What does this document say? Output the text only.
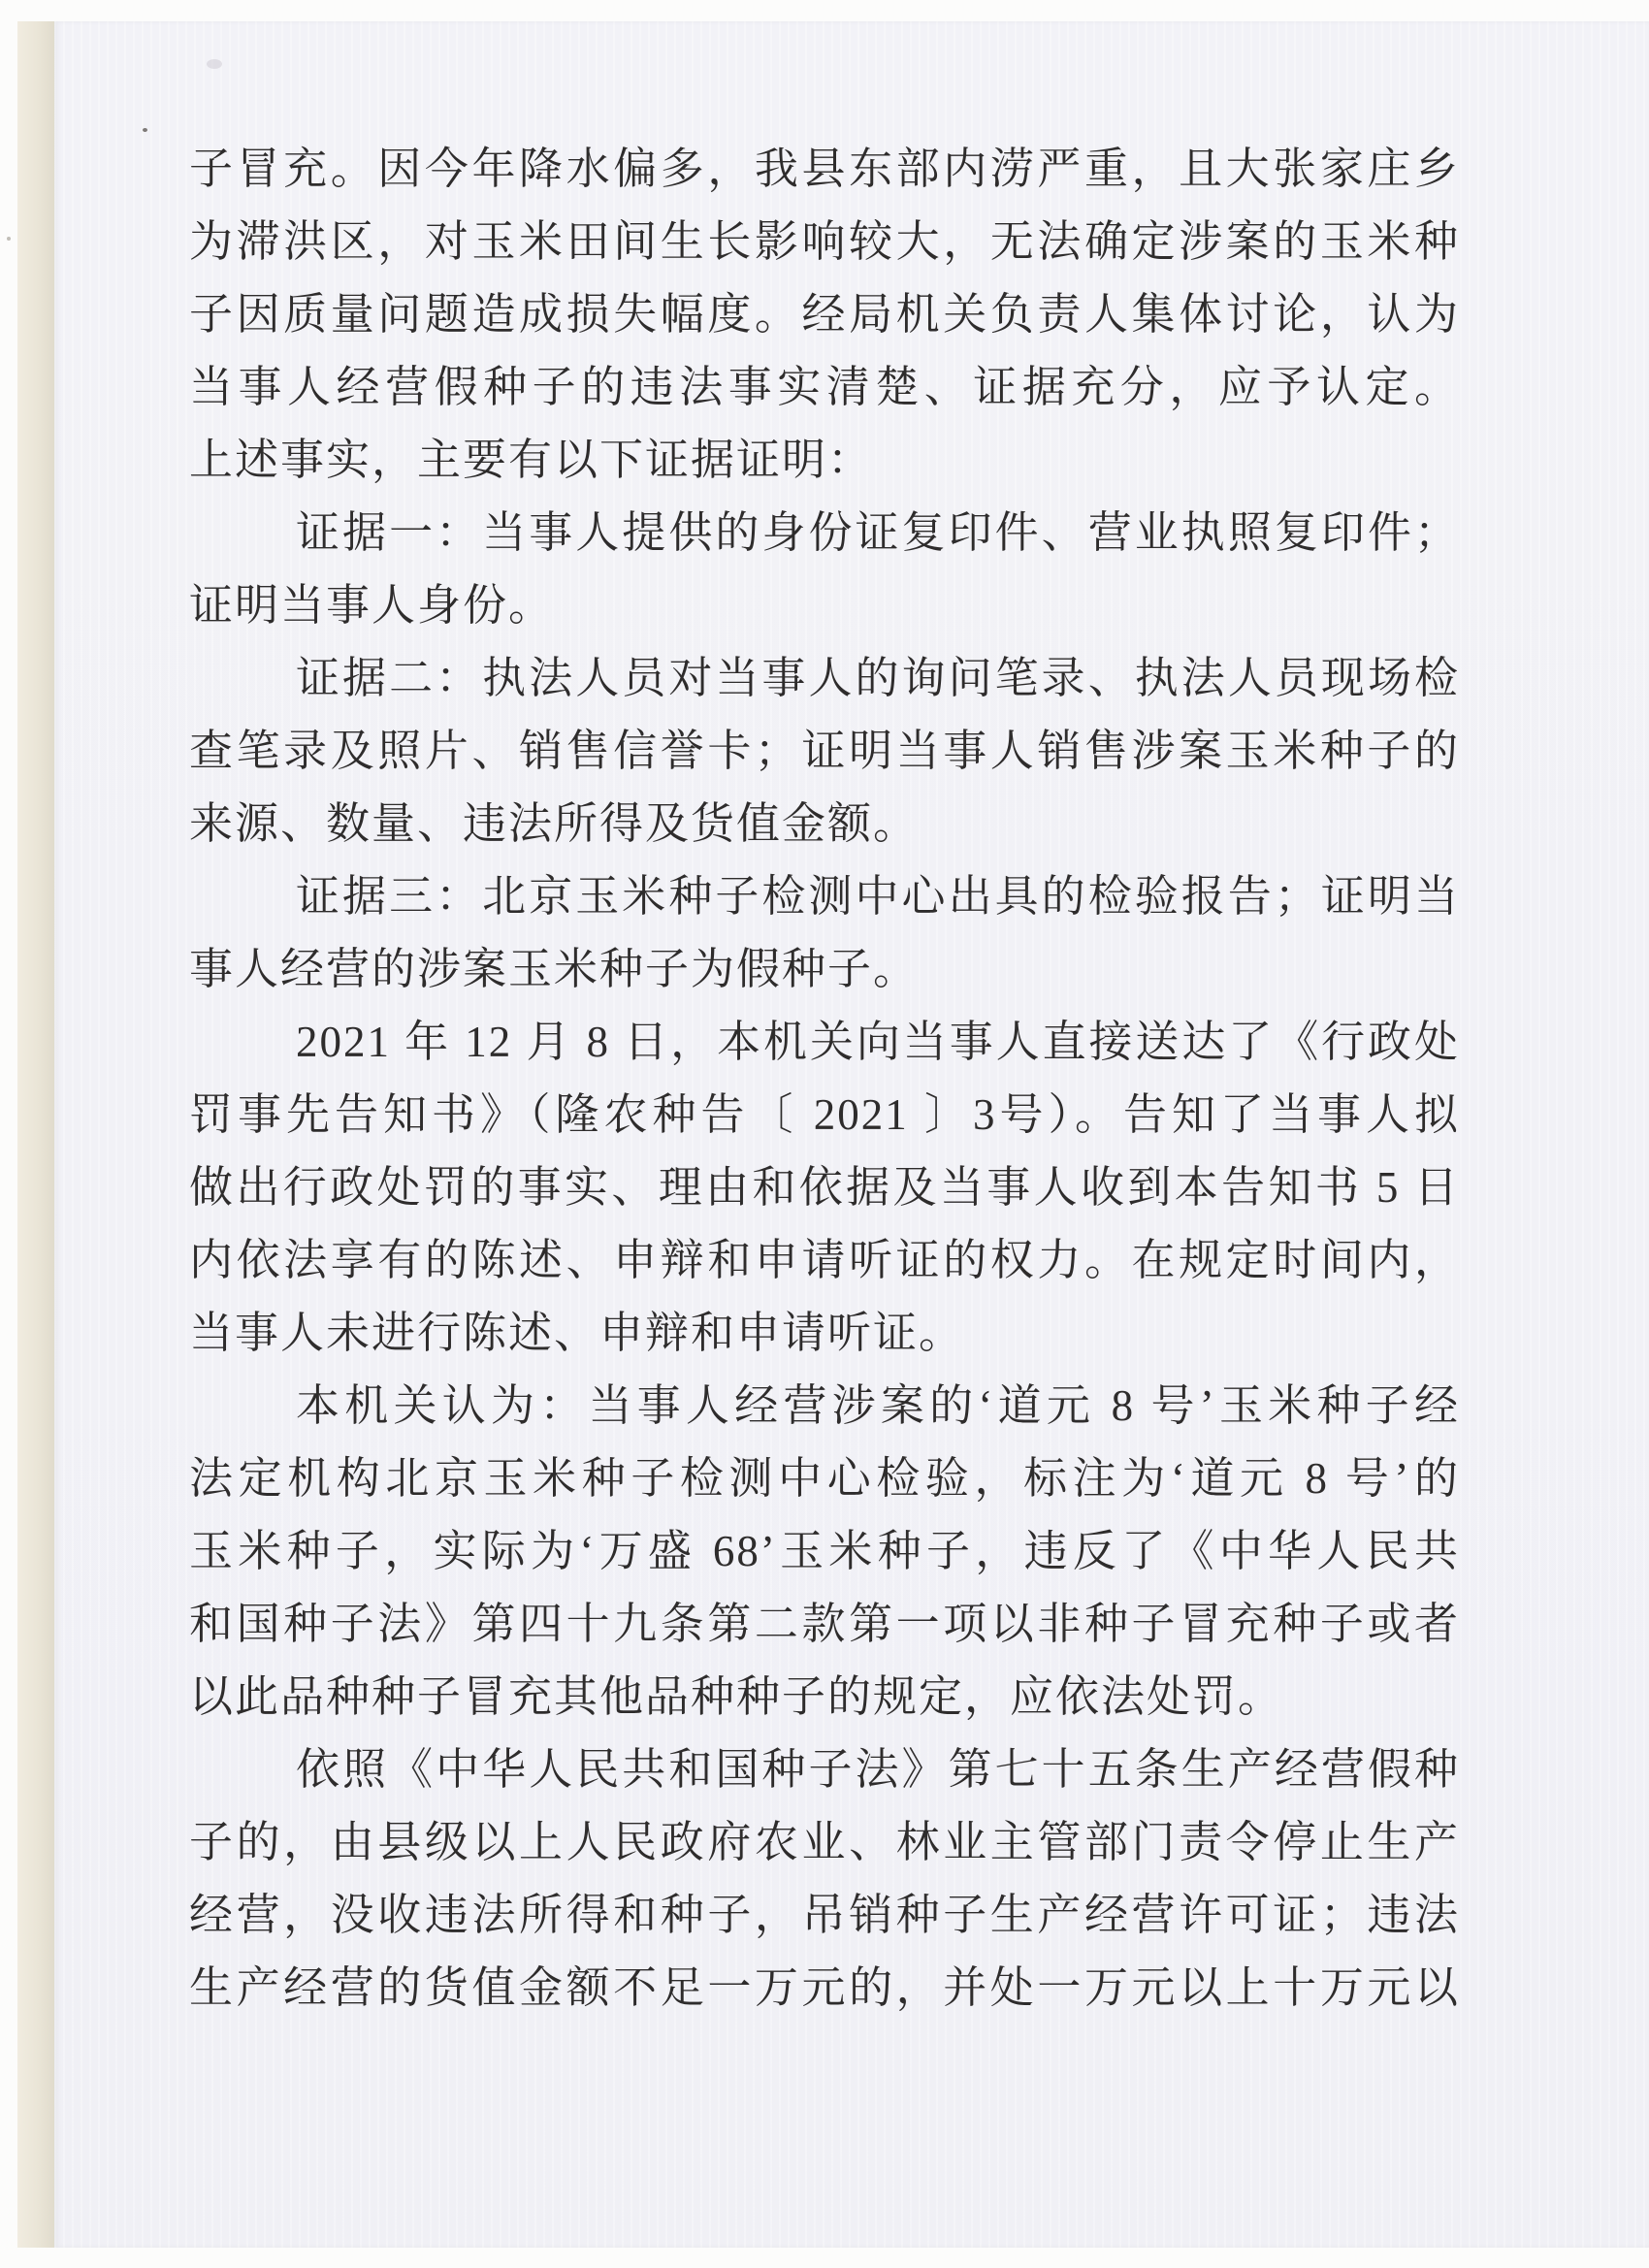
子冒充。因今年降水偏多，我县东部内涝严重，且大张家庄乡
为滞洪区，对玉米田间生长影响较大，无法确定涉案的玉米种
子因质量问题造成损失幅度。经局机关负责人集体讨论，认为
当事人经营假种子的违法事实清楚、证据充分，应予认定。
上述事实，主要有以下证据证明：
证据一：当事人提供的身份证复印件、营业执照复印件；
证明当事人身份。
证据二：执法人员对当事人的询问笔录、执法人员现场检
查笔录及照片、销售信誉卡；证明当事人销售涉案玉米种子的
来源、数量、违法所得及货值金额。
证据三：北京玉米种子检测中心出具的检验报告；证明当
事人经营的涉案玉米种子为假种子。
2021 年 12 月 8 日，本机关向当事人直接送达了《行政处
罚事先告知书》（隆农种告〔 2021 〕3号）。告知了当事人拟
做出行政处罚的事实、理由和依据及当事人收到本告知书 5 日
内依法享有的陈述、申辩和申请听证的权力。在规定时间内，
当事人未进行陈述、申辩和申请听证。
本机关认为：当事人经营涉案的‘道元 8 号’玉米种子经
法定机构北京玉米种子检测中心检验，标注为‘道元 8 号’的
玉米种子，实际为‘万盛 68’玉米种子，违反了《中华人民共
和国种子法》第四十九条第二款第一项以非种子冒充种子或者
以此品种种子冒充其他品种种子的规定，应依法处罚。
依照《中华人民共和国种子法》第七十五条生产经营假种
子的，由县级以上人民政府农业、林业主管部门责令停止生产
经营，没收违法所得和种子，吊销种子生产经营许可证；违法
生产经营的货值金额不足一万元的，并处一万元以上十万元以
